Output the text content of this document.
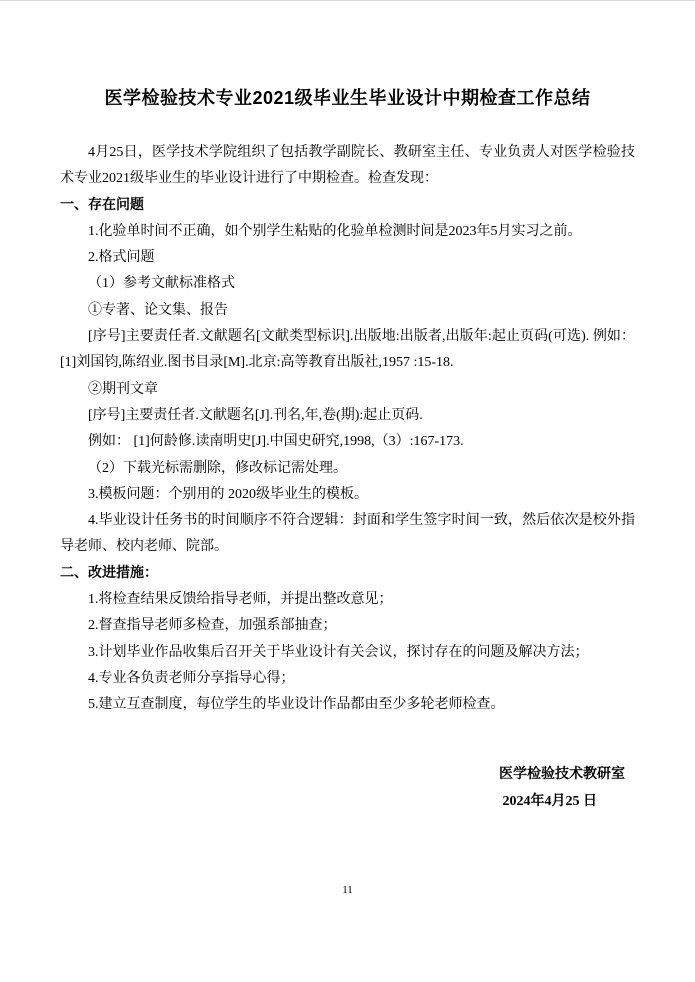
医学检验技术专业2021级毕业生毕业设计中期检查工作总结

4月25日，医学技术学院组织了包括教学副院长、教研室主任、专业负责人对医学检验技术专业2021级毕业生的毕业设计进行了中期检查。检查发现：

一、存在问题

1.化验单时间不正确，如个别学生粘贴的化验单检测时间是2023年5月实习之前。

2.格式问题

（1）参考文献标准格式

①专著、论文集、报告

[序号]主要责任者.文献题名[文献类型标识].出版地:出版者,出版年:起止页码(可选). 例如： [1]刘国钧,陈绍业.图书目录[M].北京:高等教育出版社,1957 :15-18.

②期刊文章

[序号]主要责任者.文献题名[J].刊名,年,卷(期):起止页码.

例如： [1]何龄修.读南明史[J].中国史研究,1998,（3）:167-173.

（2）下载光标需删除，修改标记需处理。

3.模板问题：个别用的 2020级毕业生的模板。

4.毕业设计任务书的时间顺序不符合逻辑：封面和学生签字时间一致，然后依次是校外指导老师、校内老师、院部。

二、改进措施：

1.将检查结果反馈给指导老师，并提出整改意见；

2.督查指导老师多检查，加强系部抽查；

3.计划毕业作品收集后召开关于毕业设计有关会议，探讨存在的问题及解决方法；

4.专业各负责老师分享指导心得；

5.建立互查制度，每位学生的毕业设计作品都由至少多轮老师检查。

医学检验技术教研室

2024年4月25 日

11
